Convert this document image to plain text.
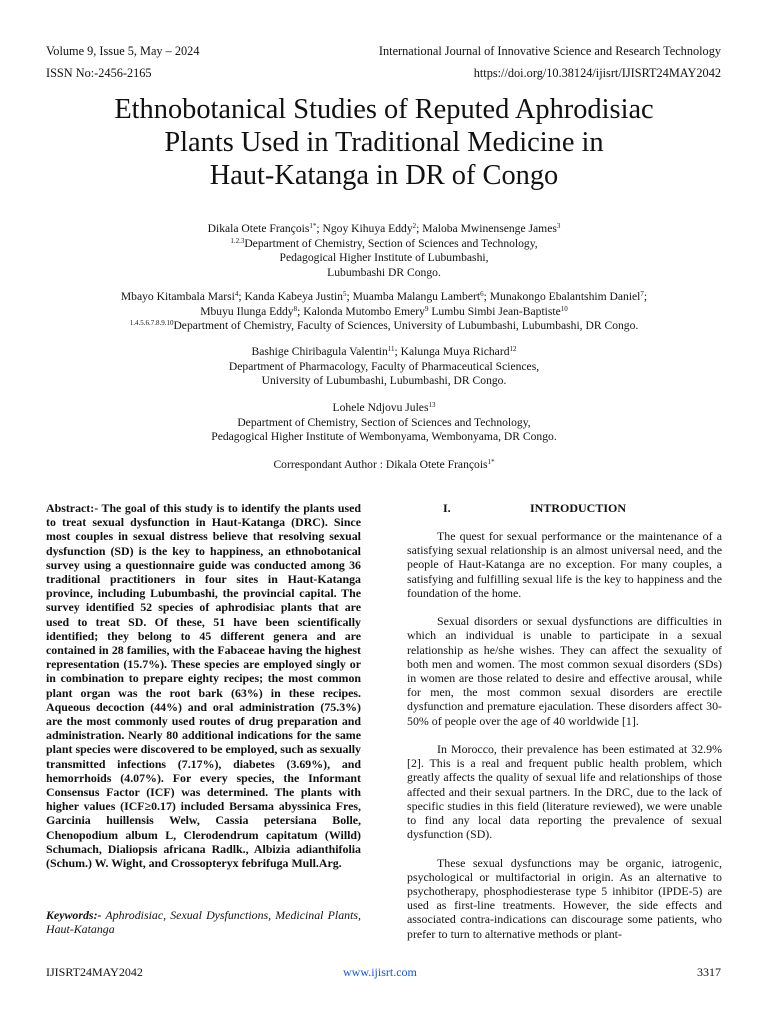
Volume 9, Issue 5, May – 2024	International Journal of Innovative Science and Research Technology
ISSN No:-2456-2165	https://doi.org/10.38124/ijisrt/IJISRT24MAY2042
Ethnobotanical Studies of Reputed Aphrodisiac
Plants Used in Traditional Medicine in
Haut-Katanga in DR of Congo
Dikala Otete François$^{1*}$; Ngoy Kihuya Eddy$^2$; Maloba Mwinensenge James$^3$
$^{1.2.3}$Department of Chemistry, Section of Sciences and Technology,
Pedagogical Higher Institute of Lubumbashi,
Lubumbashi DR Congo.
Mbayo Kitambala Marsi$^4$; Kanda Kabeya Justin$^5$; Muamba Malangu Lambert$^6$; Munakongo Ebalantshim Daniel$^7$;
Mbuyu Ilunga Eddy$^8$; Kalonda Mutombo Emery$^9$ Lumbu Simbi Jean-Baptiste$^{10}$
$^{1.4.5.6.7.8.9.10}$Department of Chemistry, Faculty of Sciences, University of Lubumbashi, Lubumbashi, DR Congo.
Bashige Chiribagula Valentin$^{11}$; Kalunga Muya Richard$^{12}$
Department of Pharmacology, Faculty of Pharmaceutical Sciences,
University of Lubumbashi, Lubumbashi, DR Congo.
Lohele Ndjovu Jules$^{13}$
Department of Chemistry, Section of Sciences and Technology,
Pedagogical Higher Institute of Wembonyama, Wembonyama, DR Congo.
Correspondant Author : Dikala Otete François$^{1*}$
Abstract:- The goal of this study is to identify the plants used to treat sexual dysfunction in Haut-Katanga (DRC). Since most couples in sexual distress believe that resolving sexual dysfunction (SD) is the key to happiness, an ethnobotanical survey using a questionnaire guide was conducted among 36 traditional practitioners in four sites in Haut-Katanga province, including Lubumbashi, the provincial capital. The survey identified 52 species of aphrodisiac plants that are used to treat SD. Of these, 51 have been scientifically identified; they belong to 45 different genera and are contained in 28 families, with the Fabaceae having the highest representation (15.7%). These species are employed singly or in combination to prepare eighty recipes; the most common plant organ was the root bark (63%) in these recipes. Aqueous decoction (44%) and oral administration (75.3%) are the most commonly used routes of drug preparation and administration. Nearly 80 additional indications for the same plant species were discovered to be employed, such as sexually transmitted infections (7.17%), diabetes (3.69%), and hemorrhoids (4.07%). For every species, the Informant Consensus Factor (ICF) was determined. The plants with higher values (ICF≥0.17) included Bersama abyssinica Fres, Garcinia huillensis Welw, Cassia petersiana Bolle, Chenopodium album L, Clerodendrum capitatum (Willd) Schumach, Dialiopsis africana Radlk., Albizia adianthifolia (Schum.) W. Wight, and Crossopteryx febrifuga Mull.Arg.
Keywords:- Aphrodisiac, Sexual Dysfunctions, Medicinal Plants, Haut-Katanga
I.	INTRODUCTION

The quest for sexual performance or the maintenance of a satisfying sexual relationship is an almost universal need, and the people of Haut-Katanga are no exception. For many couples, a satisfying and fulfilling sexual life is the key to happiness and the foundation of the home.

Sexual disorders or sexual dysfunctions are difficulties in which an individual is unable to participate in a sexual relationship as he/she wishes. They can affect the sexuality of both men and women. The most common sexual disorders (SDs) in women are those related to desire and effective arousal, while for men, the most common sexual disorders are erectile dysfunction and premature ejaculation. These disorders affect 30-50% of people over the age of 40 worldwide [1].

In Morocco, their prevalence has been estimated at 32.9% [2]. This is a real and frequent public health problem, which greatly affects the quality of sexual life and relationships of those affected and their sexual partners. In the DRC, due to the lack of specific studies in this field (literature reviewed), we were unable to find any local data reporting the prevalence of sexual dysfunction (SD).

These sexual dysfunctions may be organic, iatrogenic, psychological or multifactorial in origin. As an alternative to psychotherapy, phosphodiesterase type 5 inhibitor (IPDE-5) are used as first-line treatments. However, the side effects and associated contra-indications can discourage some patients, who prefer to turn to alternative methods or plant-

IJISRT24MAY2042	www.ijisrt.com	3317
